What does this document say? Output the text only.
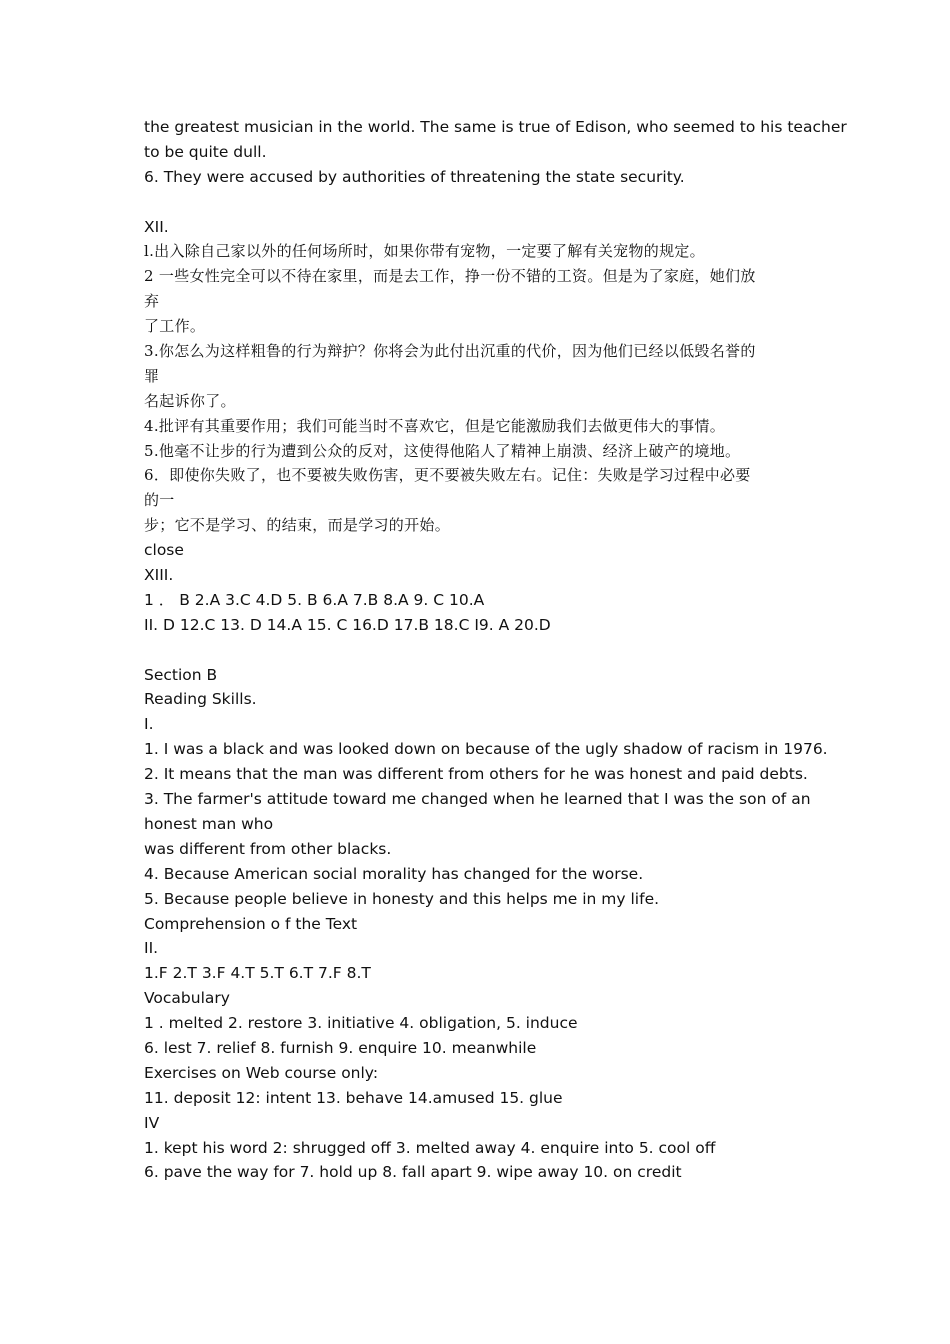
the greatest musician in the world. The same is true of Edison, who seemed to his teacher
to be quite dull.
6. They were accused by authorities of threatening the state security.
XII.
l.出入除自己家以外的任何场所时，如果你带有宠物，一定要了解有关宠物的规定。
2 一些女性完全可以不待在家里，而是去工作，挣一份不错的工资。但是为了家庭，她们放
弃
了工作。
3.你怎么为这样粗鲁的行为辩护？你将会为此付出沉重的代价，因为他们已经以低毁名誉的
罪
名起诉你了。
4.批评有其重要作用；我们可能当时不喜欢它，但是它能激励我们去做更伟大的事情。
5.他毫不让步的行为遭到公众的反对，这使得他陷人了精神上崩溃、经济上破产的境地。
6．即使你失败了，也不要被失败伤害，更不要被失败左右。记住：失败是学习过程中必要
的一
步；它不是学习、的结束，而是学习的开始。
close
XIII.
1 ． B 2.A 3.C 4.D 5. B 6.A 7.B 8.A 9. C 10.A
II. D 12.C 13. D 14.A 15. C 16.D 17.B 18.C I9. A 20.D
Section B
Reading Skills.
I.
1. I was a black and was looked down on because of the ugly shadow of racism in 1976.
2. It means that the man was different from others for he was honest and paid debts.
3. The farmer's attitude toward me changed when he learned that I was the son of an
honest man who
was different from other blacks.
4. Because American social morality has changed for the worse.
5. Because people believe in honesty and this helps me in my life.
Comprehension o f the Text
II.
1.F 2.T 3.F 4.T 5.T 6.T 7.F 8.T
Vocabulary
1 . melted 2. restore 3. initiative 4. obligation, 5. induce
6. lest 7. relief 8. furnish 9. enquire 10. meanwhile
Exercises on Web course only:
11. deposit 12: intent 13. behave 14.amused 15. glue
IV
1. kept his word 2: shrugged off 3. melted away 4. enquire into 5. cool off
6. pave the way for 7. hold up 8. fall apart 9. wipe away 10. on credit
